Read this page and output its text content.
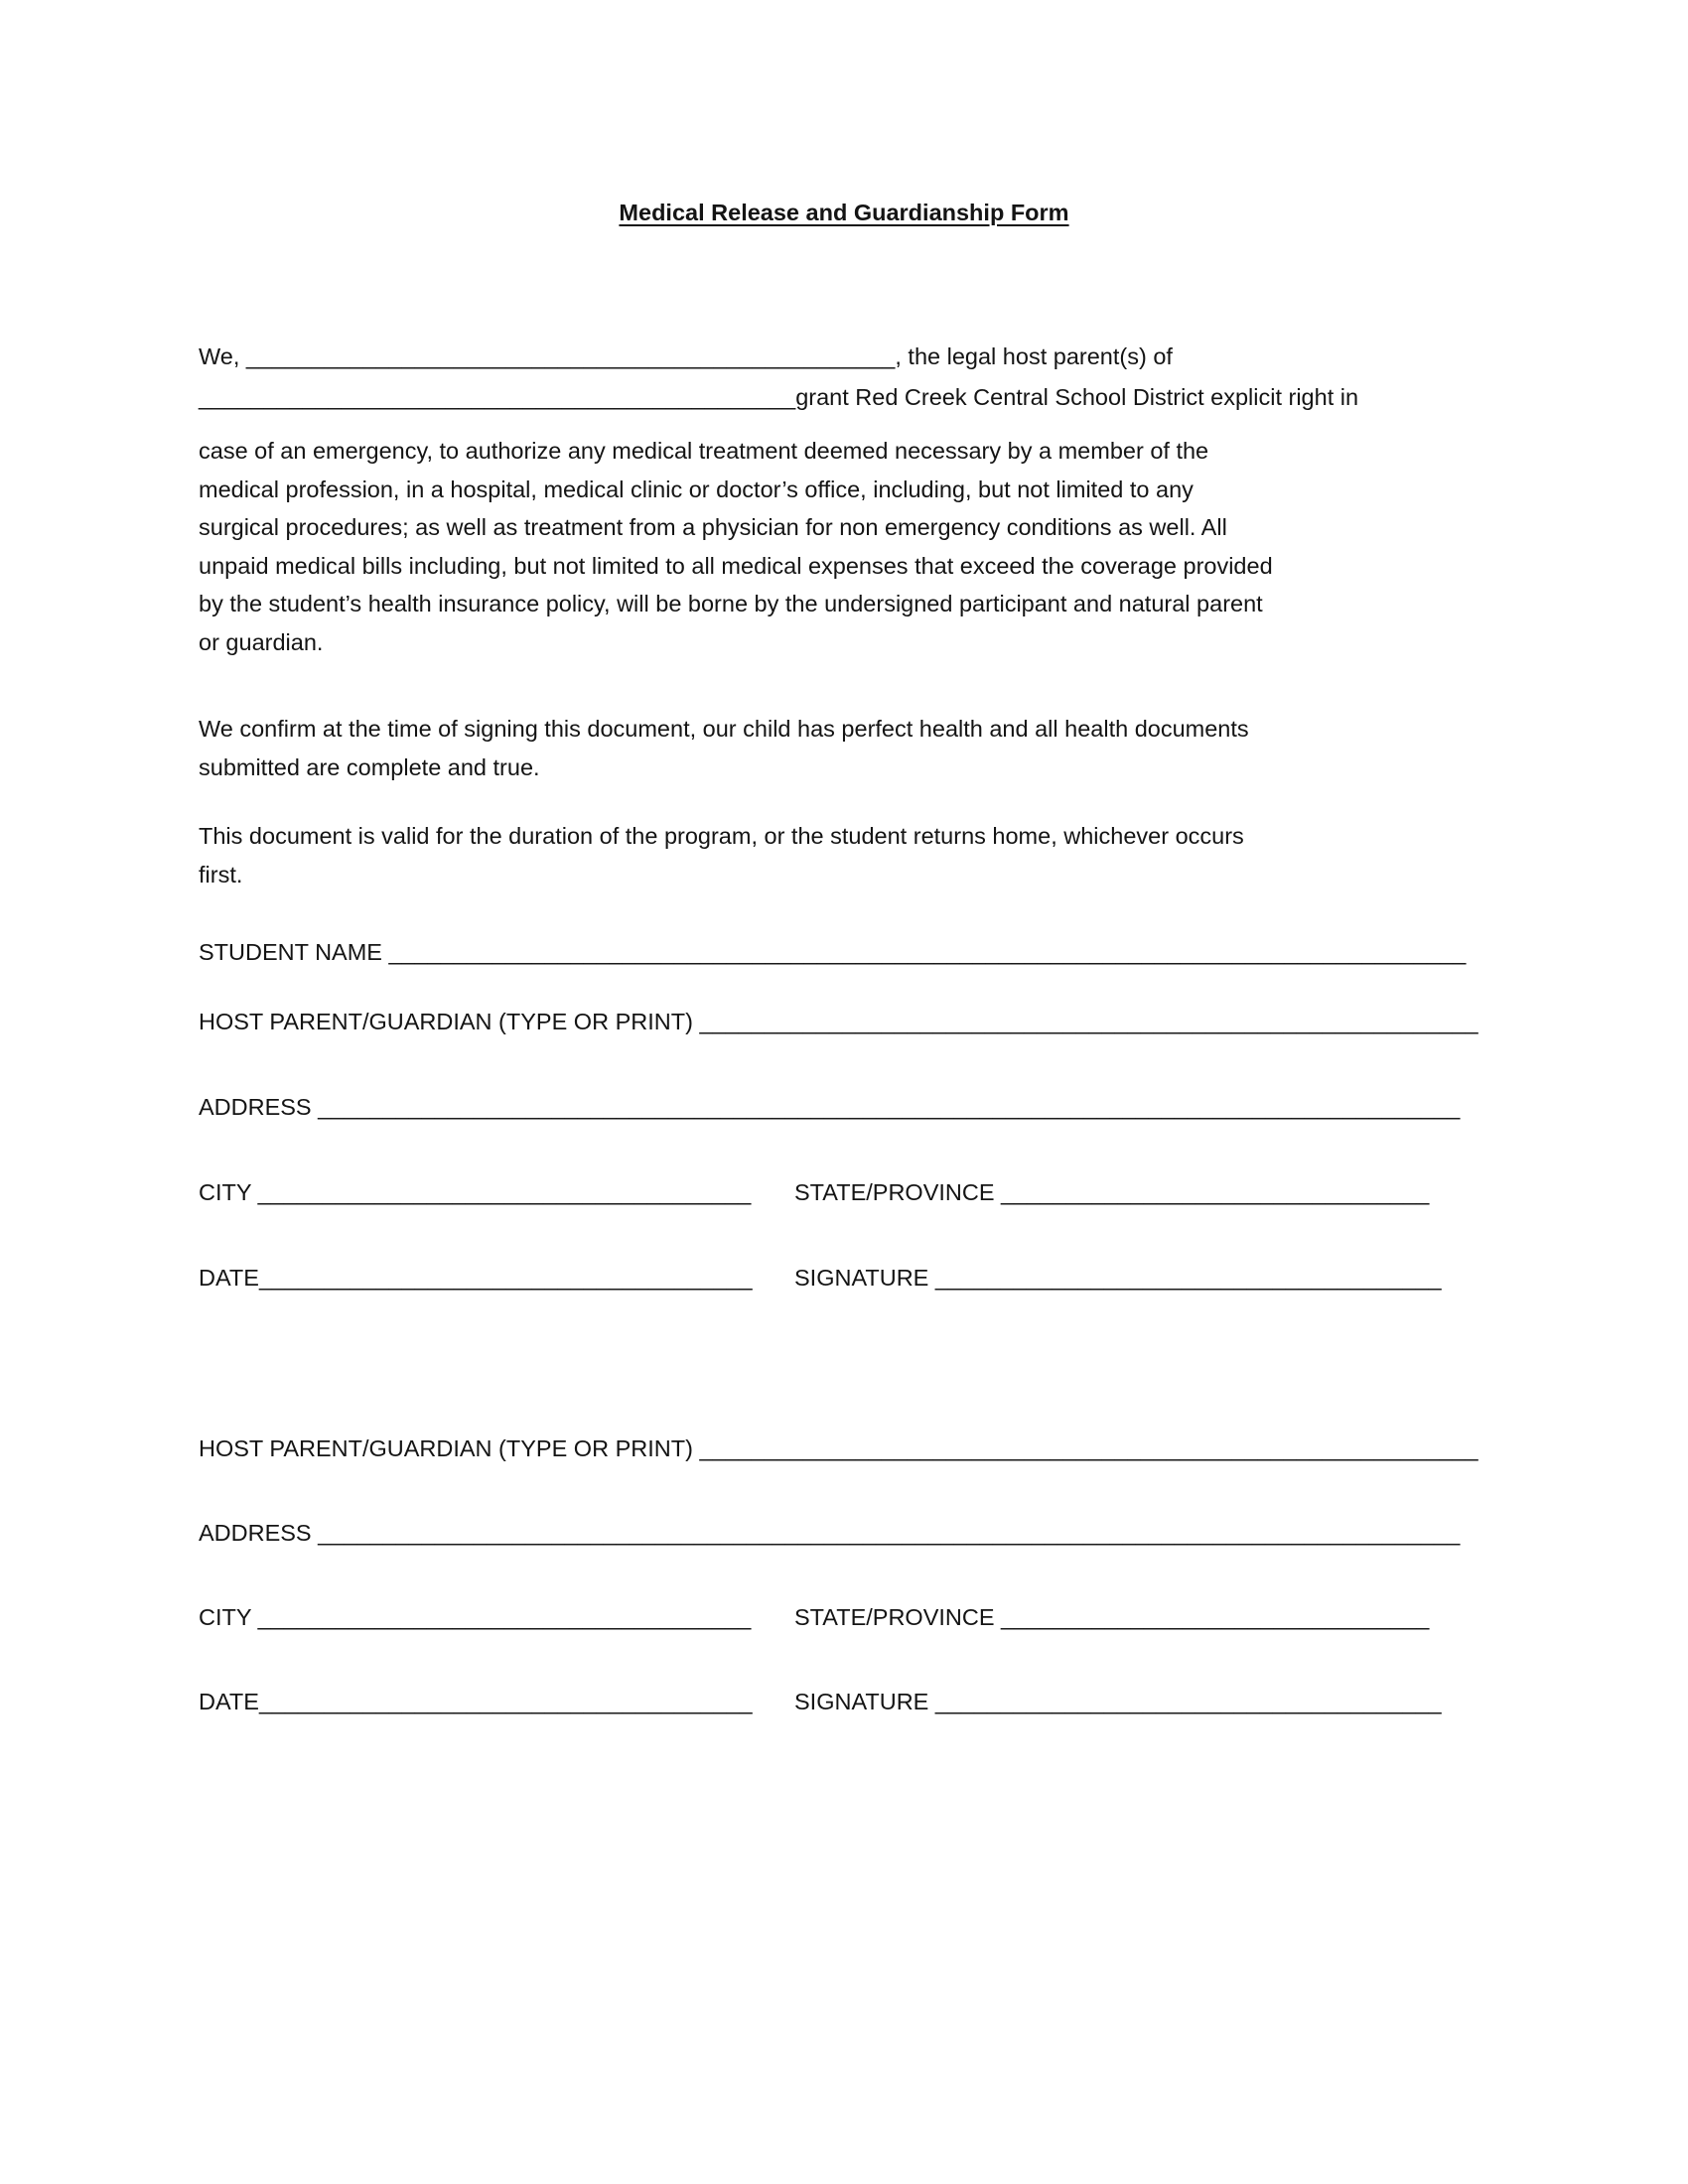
Medical Release and Guardianship Form
We, __________________________________________________, the legal host parent(s) of
______________________________________________grant Red Creek Central School District explicit right in
case of an emergency, to authorize any medical treatment deemed necessary by a member of the
medical profession, in a hospital, medical clinic or doctor’s office, including, but not limited to any
surgical procedures; as well as treatment from a physician for non emergency conditions as well. All
unpaid medical bills including, but not limited to all medical expenses that exceed the coverage provided
by the student’s health insurance policy, will be borne by the undersigned participant and natural parent
or guardian.
We confirm at the time of signing this document, our child has perfect health and all health documents
submitted are complete and true.
This document is valid for the duration of the program, or the student returns home, whichever occurs
first.
STUDENT NAME ___________________________________________________________________________________
HOST PARENT/GUARDIAN (TYPE OR PRINT) ____________________________________________________________
ADDRESS ________________________________________________________________________________________
CITY ______________________________________ STATE/PROVINCE _________________________________
DATE______________________________________ SIGNATURE _______________________________________
HOST PARENT/GUARDIAN (TYPE OR PRINT) ____________________________________________________________
ADDRESS ________________________________________________________________________________________
CITY ______________________________________ STATE/PROVINCE _________________________________
DATE______________________________________ SIGNATURE _______________________________________
